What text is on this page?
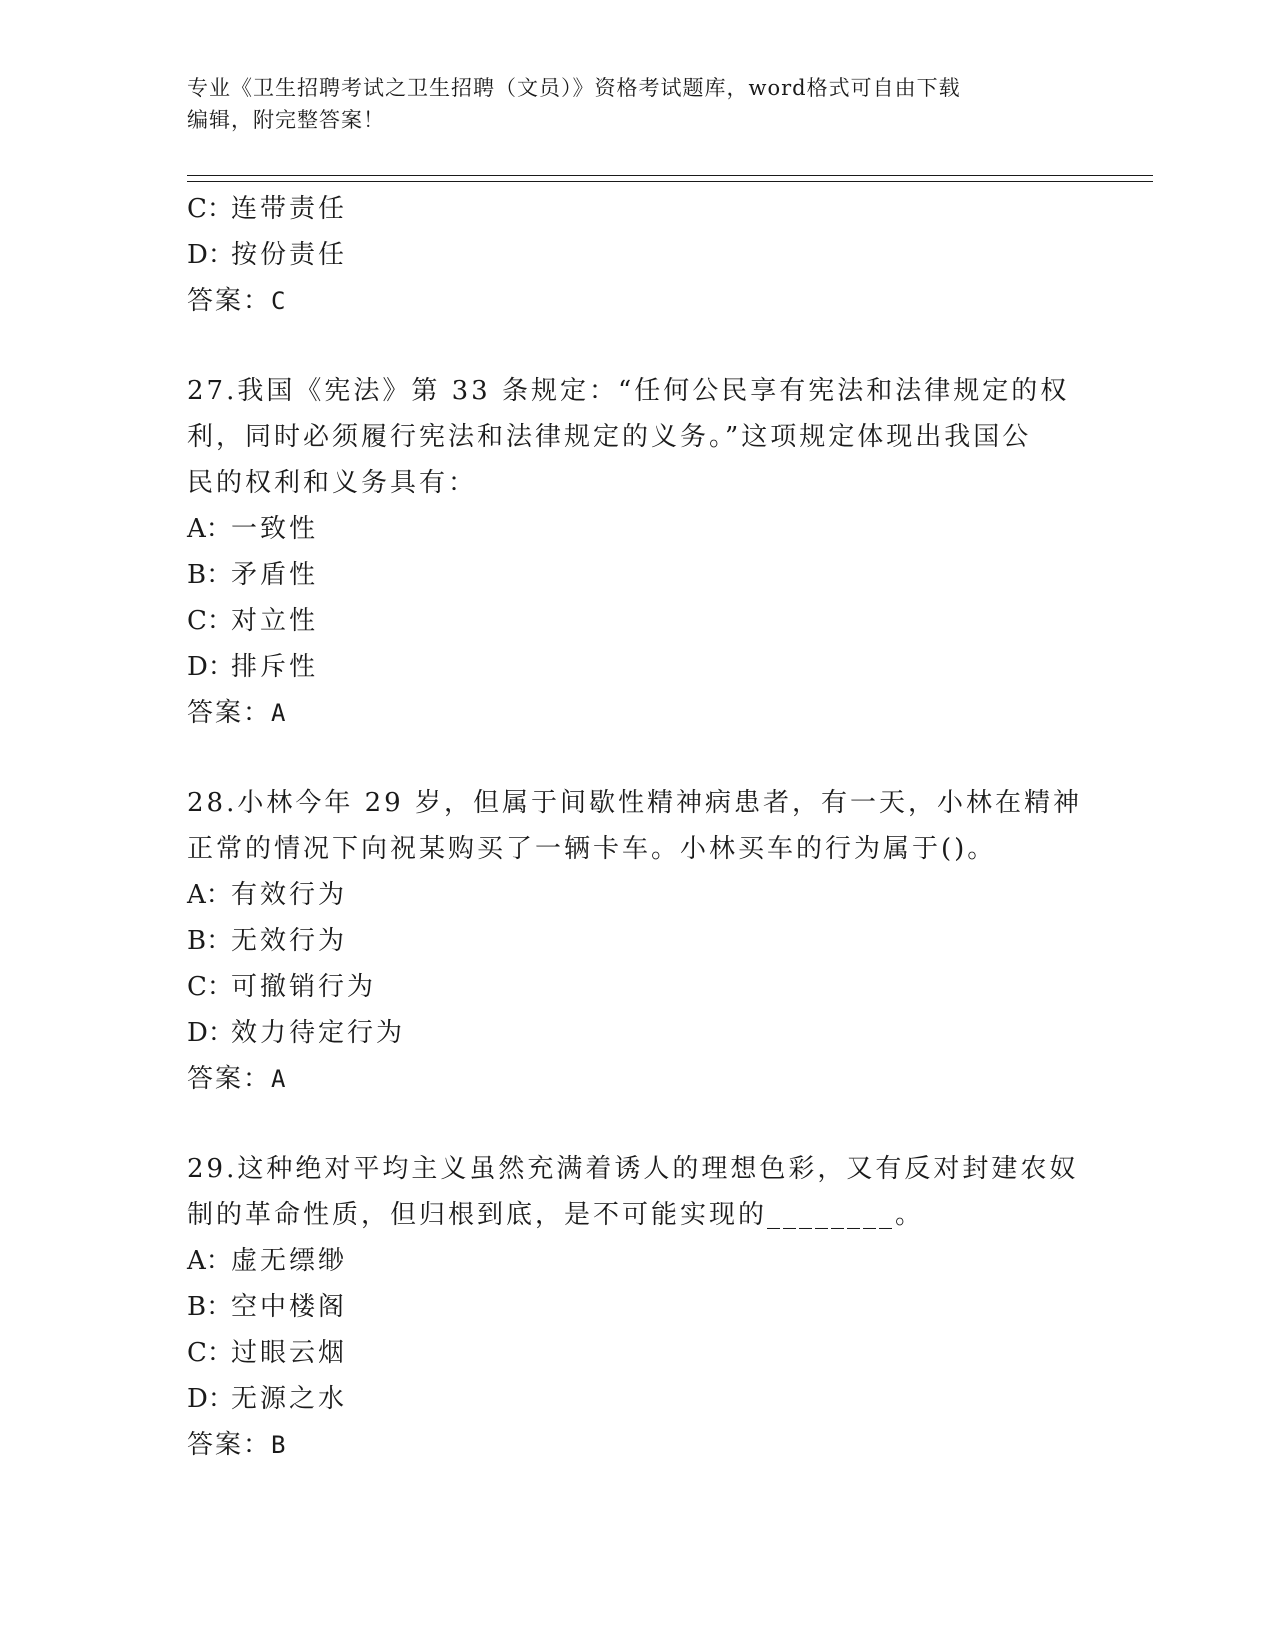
专业《卫生招聘考试之卫生招聘（文员）》资格考试题库，word格式可自由下载
编辑，附完整答案！
C：连带责任
D：按份责任
答案：C
27.我国《宪法》第 33 条规定：“任何公民享有宪法和法律规定的权
利，同时必须履行宪法和法律规定的义务。”这项规定体现出我国公
民的权利和义务具有：
A：一致性
B：矛盾性
C：对立性
D：排斥性
答案：A
28.小林今年 29 岁，但属于间歇性精神病患者，有一天，小林在精神
正常的情况下向祝某购买了一辆卡车。小林买车的行为属于()。
A：有效行为
B：无效行为
C：可撤销行为
D：效力待定行为
答案：A
29.这种绝对平均主义虽然充满着诱人的理想色彩，又有反对封建农奴
制的革命性质，但归根到底，是不可能实现的________。
A：虚无缥缈
B：空中楼阁
C：过眼云烟
D：无源之水
答案：B
